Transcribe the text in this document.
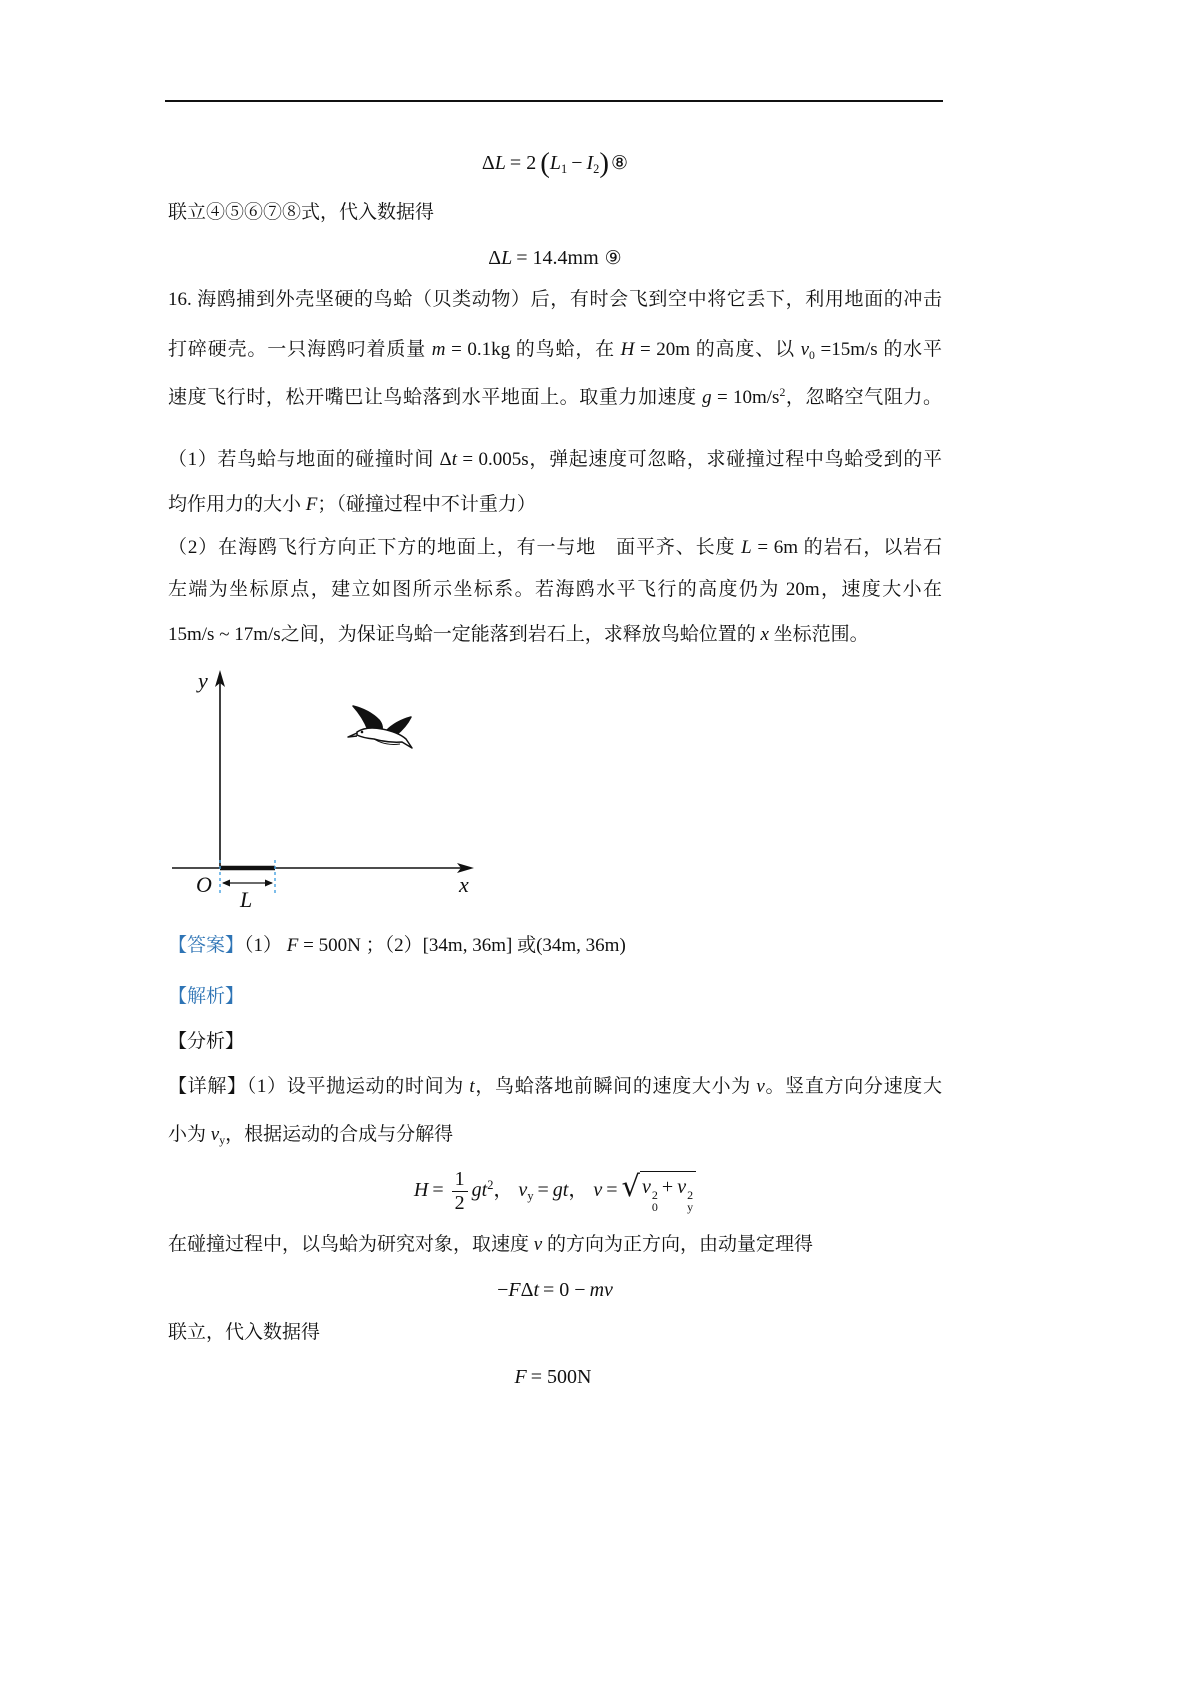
ΔL = 2 $(L_1 - I_2)$ ⑧
联立④⑤⑥⑦⑧式，代入数据得
ΔL = 14.4mm ⑨
16. 海鸥捕到外壳坚硬的鸟蛤（贝类动物）后，有时会飞到空中将它丢下，利用地面的冲击
打碎硬壳。一只海鸥叼着质量 m = 0.1kg 的鸟蛤，在 H = 20m 的高度、以 $v_0 =15m/s$ 的水平
速度飞行时，松开嘴巴让鸟蛤落到水平地面上。取重力加速度 $g = 10m/s^2$，忽略空气阻力。
（1）若鸟蛤与地面的碰撞时间 Δt = 0.005s，弹起速度可忽略，求碰撞过程中鸟蛤受到的平
均作用力的大小 F；（碰撞过程中不计重力）
（2）在海鸥飞行方向正下方的地面上，有一与地　面平齐、长度 L = 6m 的岩石，以岩石
左端为坐标原点，建立如图所示坐标系。若海鸥水平飞行的高度仍为 20m，速度大小在
15m/s ~ 17m/s之间，为保证鸟蛤一定能落到岩石上，求释放鸟蛤位置的 x 坐标范围。
y
x
O
L
【答案】（1） F = 500N ；（2）[34m, 36m] 或(34m, 36m)
【解析】
【分析】
【详解】（1）设平抛运动的时间为 t，鸟蛤落地前瞬间的速度大小为 v。竖直方向分速度大
小为 $v_y$，根据运动的合成与分解得
$H = \frac{1}{2} gt^2$， $v_y$ = gt， v = √ v 2
0
+ v 2
y
在碰撞过程中，以鸟蛤为研究对象，取速度 v 的方向为正方向，由动量定理得
−FΔt = 0 − mv
联立，代入数据得
F = 500N
